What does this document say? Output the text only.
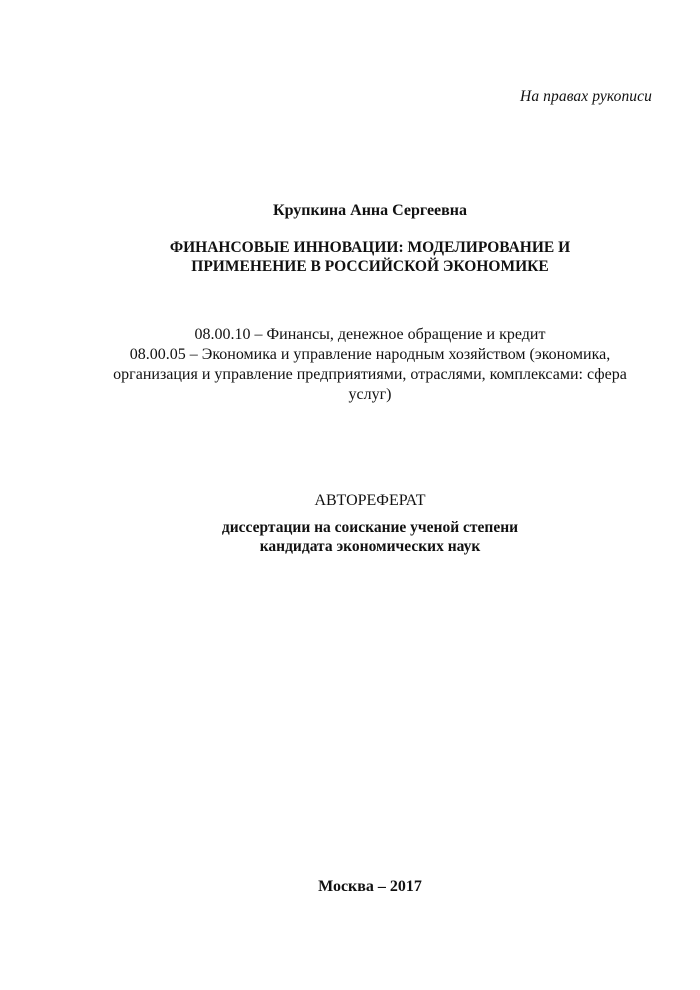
На правах рукописи
Крупкина Анна Сергеевна
ФИНАНСОВЫЕ ИННОВАЦИИ: МОДЕЛИРОВАНИЕ И
ПРИМЕНЕНИЕ В РОССИЙСКОЙ ЭКОНОМИКЕ
08.00.10 – Финансы, денежное обращение и кредит
08.00.05 – Экономика и управление народным хозяйством (экономика,
организация и управление предприятиями, отраслями, комплексами: сфера
услуг)
АВТОРЕФЕРАТ
диссертации на соискание ученой степени
кандидата экономических наук
Москва – 2017
